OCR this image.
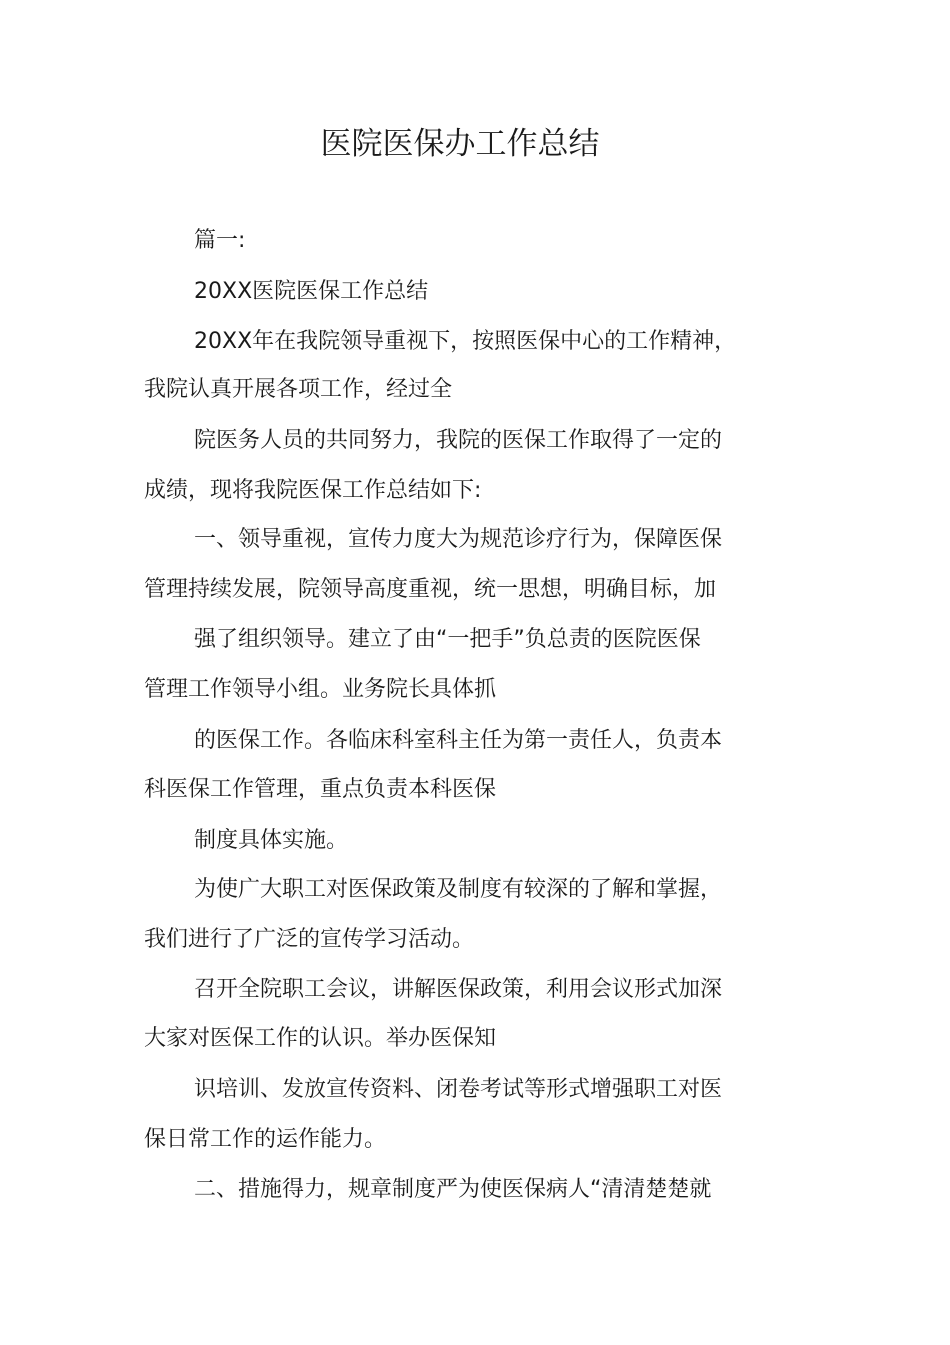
医院医保办工作总结
篇一:
20XX医院医保工作总结
20XX年在我院领导重视下，按照医保中心的工作精神，
我院认真开展各项工作，经过全
院医务人员的共同努力，我院的医保工作取得了一定的
成绩，现将我院医保工作总结如下:
一、领导重视，宣传力度大为规范诊疗行为，保障医保
管理持续发展，院领导高度重视，统一思想，明确目标，加
强了组织领导。建立了由“一把手”负总责的医院医保
管理工作领导小组。业务院长具体抓
的医保工作。各临床科室科主任为第一责任人，负责本
科医保工作管理，重点负责本科医保
制度具体实施。
为使广大职工对医保政策及制度有较深的了解和掌握，
我们进行了广泛的宣传学习活动。
召开全院职工会议，讲解医保政策，利用会议形式加深
大家对医保工作的认识。举办医保知
识培训、发放宣传资料、闭卷考试等形式增强职工对医
保日常工作的运作能力。
二、措施得力，规章制度严为使医保病人“清清楚楚就
